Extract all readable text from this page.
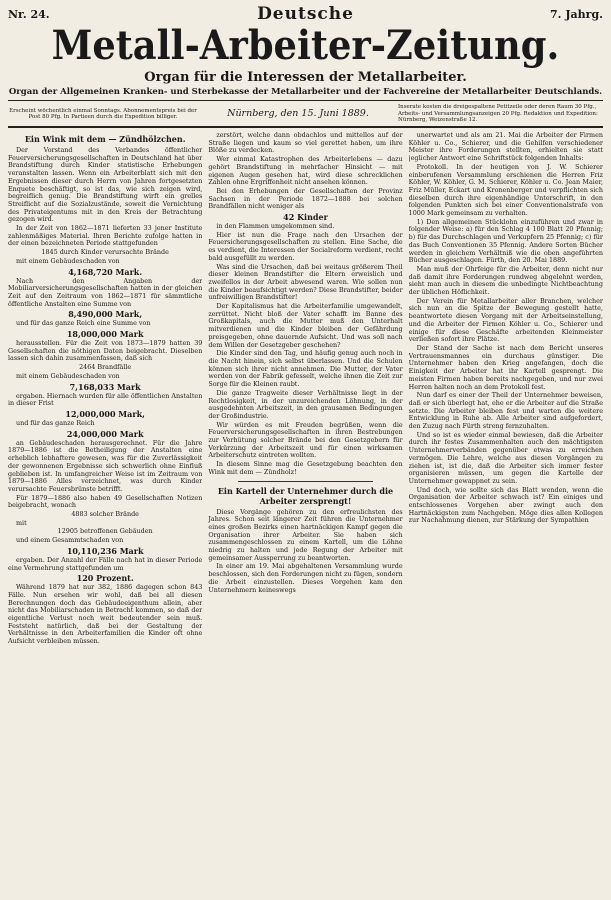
Nr. 24.	Deutsche	7. Jahrg.
Metall-Arbeiter-Zeitung.
Organ für die Interessen der Metallarbeiter.
Organ der Allgemeinen Kranken- und Sterbekasse der Metallarbeiter und der Fachvereine der Metallarbeiter Deutschlands.
Erscheint wöchentlich einmal Sonntags. Abonnementspreis bei der Post 80 Pfg. In Partieen durch die Expedition billiger.	Nürnberg, den 15. Juni 1889.
Inserate kosten die dreigespaltene Petitzeile oder deren Raum 30 Pfg., Arbeits- und Versammlungsanzeigen 20 Pfg. Redaktion und Expedition: Nürnberg, Weizenstraße 12.
Ein Wink mit dem — Zündhölzchen.

Der Vorstand des Verbandes öffentlicher Feuerversicherungsgesellschaften in Deutschland hat über Brandstiftung durch Kinder statistische Erhebungen veranstalten lassen. Wenn ein Arbeiterblatt sich mit den Ergebnissen dieser durch Herrn von Jahren fortgesetzten Enquete beschäftigt, so ist das, wie sich zeigen wird, begreiflich genug. Die Brandstiftung wirft ein grelles Streiflicht auf die Sozialzustände, soweit die Vernichtung des Privateigentums mit in den Kreis der Betrachtung gezogen wird.

In der Zeit von 1862—1871 lieferten 33 jener Institute zahlenmäßiges Material. Ihren Berichte zufolge hatten in der einen bezeichneten Periode stattgefunden

1845 durch Kinder verursachte Brände

mit einem Gebäudeschaden von

4,168,720 Mark.

Nach den Angaben der Mobiliarversicherungsgesellschaften hatten in der gleichen Zeit auf den Zeitraum von 1862—1871 für sämmtliche öffentliche Anstalten eine Summe von

8,490,000 Mark,

und für das ganze Reich eine Summe von

18,000,000 Mark

herausstellen. Für die Zeit von 1873—1879 hatten 39 Gesellschaften die nöthigen Daten beigebracht. Dieselben lassen sich dahin zusammenfassen, daß sich

2464 Brandfälle

mit einem Gebäudeschaden von

7,168,033 Mark

ergaben. Hiernach wurden für alle öffentlichen Anstalten in dieser Frist

12,000,000 Mark,

und für das ganze Reich

24,000,000 Mark

an Gebäudeschaden herausgerechnet. Für die Jahre 1879—1886 ist die Betheiligung der Anstalten eine erheblich lebhaftere gewesen, was für die Zuverlässigkeit der gewonnenen Ergebnisse sich schwerlich ohne Einfluß geblieben ist. In umfangreicher Weise ist im Zeitraum von 1879—1886 Alles verzeichnet, was durch Kinder verursachte Feuersbrünste betrifft.

Für 1879—1886 also haben 49 Gesellschaften Notizen beigebracht, wonach

4883 solcher Brände

mit

12905 betroffenen Gebäuden

und einem Gesammtschaden von

10,110,236 Mark

ergaben. Der Anzahl der Fälle nach hat in dieser Periode eine Vermehrung stattgefunden um

120 Prozent.

Während 1879 hat nur 382, 1886 dagegen schon 843 Fälle. Nun ersehen wir wohl, daß bei all diesen Berechnungen doch das Gebäudeeigenthum allein, aber nicht das Mobiliarschaden in Betracht kommen, so daß der eigentliche Verlust noch weit bedeutender sein muß. Feststeht natürlich, daß bei der Gestaltung der Verhältnisse in den Arbeiterfamilien die Kinder oft ohne Aufsicht verbleiben müssen.

zerstört, welche dann obdachlos und mittellos auf der Straße liegen und kaum so viel gerettet haben, um ihre Blöße zu verdecken.

Wer einmal Katastrophen des Arbeiterlebens — dazu gehört Brandstiftung in mehrfacher Hinsicht — mit eigenen Augen gesehen hat, wird diese schrecklichen Zahlen ohne Ergriffenheit nicht ansehen können.

Bei den Erhebungen der Gesellschaften der Provinz Sachsen in der Periode 1872—1888 bei solchen Brandfällen nicht weniger als

42 Kinder

in den Flammen umgekommen sind.

Hier ist nun die Frage nach den Ursachen der Feuersicherungsgesellschaften zu stellen. Eine Sache, die es verdient, die Interessen der Socialreform verdient, recht bald ausgefüllt zu werden.

Was sind die Ursachen, daß bei weitaus größerem Theil dieser kleinen Brandstifter die Eltern erweislich und zweifellos in der Arbeit abwesend waren. Wie sollen nun die Kinder beaufsichtigt werden? Diese Brandstifter, beider unfreiwilligen Brandstifter!

Der Kapitalismus hat die Arbeiterfamilie umgewandelt, zerrüttet. Nicht bloß der Vater schafft im Banne des Großkapitals, auch die Mutter muß den Unterhalt mitverdienen und die Kinder bleiben der Gefährdung preisgegeben, ohne dauernde Aufsicht. Und was soll nach dem Willen der Gesetzgeber geschehen?

Die Kinder sind den Tag, und häufig genug auch noch in die Nacht hinein, sich selbst überlassen. Und die Schulen können sich ihrer nicht annehmen. Die Mutter, der Vater werden von der Fabrik gefesselt, welche ihnen die Zeit zur Sorge für die Kleinen raubt.

Die ganze Tragweite dieser Verhältnisse liegt in der Rechtlosigkeit, in der unzureichenden Löhnung, in der ausgedehnten Arbeitszeit, in den grausamen Bedingungen der Großindustrie.

Wir würden es mit Freuden begrüßen, wenn die Feuerversicherungsgesellschaften in ihren Bestrebungen zur Verhütung solcher Brände bei den Gesetzgebern für Verkürzung der Arbeitszeit und für einen wirksamen Arbeiterschutz eintreten wollten.

In diesem Sinne mag die Gesetzgebung beachten den Wink mit dem — Zündholz!

Ein Kartell der Unternehmer durch die Arbeiter zersprengt!

Diese Vorgänge gehören zu den erfreulichsten des Jahres. Schon seit längerer Zeit führen die Unternehmer eines großen Bezirks einen hartnäckigen Kampf gegen die Organisation ihrer Arbeiter. Sie haben sich zusammengeschlossen zu einem Kartell, um die Löhne niedrig zu halten und jede Regung der Arbeiter mit gemeinsamer Aussperrung zu beantworten.

In einer am 19. Mai abgehaltenen Versammlung wurde beschlossen, sich den Forderungen nicht zu fügen, sondern die Arbeit einzustellen. Dieses Vorgehen kam den Unternehmern keineswegs

unerwartet und als am 21. Mai die Arbeiter der Firmen Köhler u. Co., Schierer, und die Gehilfen verschiedener Meister ihre Forderungen stellten, erhielten sie statt jeglicher Antwort eine Schriftstück folgenden Inhalts:

Protokoll. In der heutigen von J. W. Schierer einberufenen Versammlung erschienen die Herren Friz Köhler, W. Köhler, G. M. Schierer, Köhler u. Co. Jean Maier, Friz Müller, Eckart und Kronenberger und verpflichten sich dieselben durch ihre eigenhändige Unterschrift, in den folgenden Punkten sich bei einer Conventionalstrafe von 1000 Mark gemeinsam zu verhalten.

1) Den allgemeinen Stücklohn einzuführen und zwar in folgender Weise: a) für den Schlag 4 100 Blatt 20 Pfennig; b) für das Durchschlagen und Verkupfern 25 Pfennig; c) für das Buch Conventionen 35 Pfennig. Andere Sorten Bücher werden in gleichem Verhältniß wie die oben angeführten Bücher ausgeschlagen. Fürth, den 20. Mai 1889.

Man muß der Ohrfeige für die Arbeiter, denn nicht nur daß damit ihre Forderungen rundweg abgelehnt werden, sieht man auch in diesem die unbedingte Nichtbeachtung der üblichen Höflichkeit.

Der Verein für Metallarbeiter aller Branchen, welcher sich nun an die Spitze der Bewegung gestellt hatte, beantwortete diesen Vorgang mit der Arbeitseinstellung, und die Arbeiter der Firmen Köhler u. Co., Schierer und einige für diese Geschäfte arbeitenden Kleinmeister verließen sofort ihre Plätze.

Der Stand der Sache ist nach dem Bericht unseres Vertrauensmannes ein durchaus günstiger. Die Unternehmer haben den Krieg angefangen, doch die Einigkeit der Arbeiter hat ihr Kartell gesprengt. Die meisten Firmen haben bereits nachgegeben, und nur zwei Herren halten noch an dem Protokoll fest.

Nun darf es einer der Theil der Unternehmer beweisen, daß er sich überlegt hat, ehe er die Arbeiter auf die Straße setzte. Die Arbeiter bleiben fest und warten die weitere Entwicklung in Ruhe ab. Alle Arbeiter sind aufgefordert, den Zuzug nach Fürth streng fernzuhalten.

Und so ist es wieder einmal bewiesen, daß die Arbeiter durch ihr festes Zusammenhalten auch den mächtigsten Unternehmerverbänden gegenüber etwas zu erreichen vermögen. Die Lehre, welche aus diesen Vorgängen zu ziehen ist, ist die, daß die Arbeiter sich immer fester organisieren müssen, um gegen die Kartelle der Unternehmer gewappnet zu sein.

Und doch, wie sollte sich das Blatt wenden, wenn die Organisation der Arbeiter schwach ist? Ein einiges und entschlossenes Vorgehen aber zwingt auch den Hartnäckigsten zum Nachgeben. Möge dies allen Kollegen zur Nachahmung dienen, zur Stärkung der Sympathien
